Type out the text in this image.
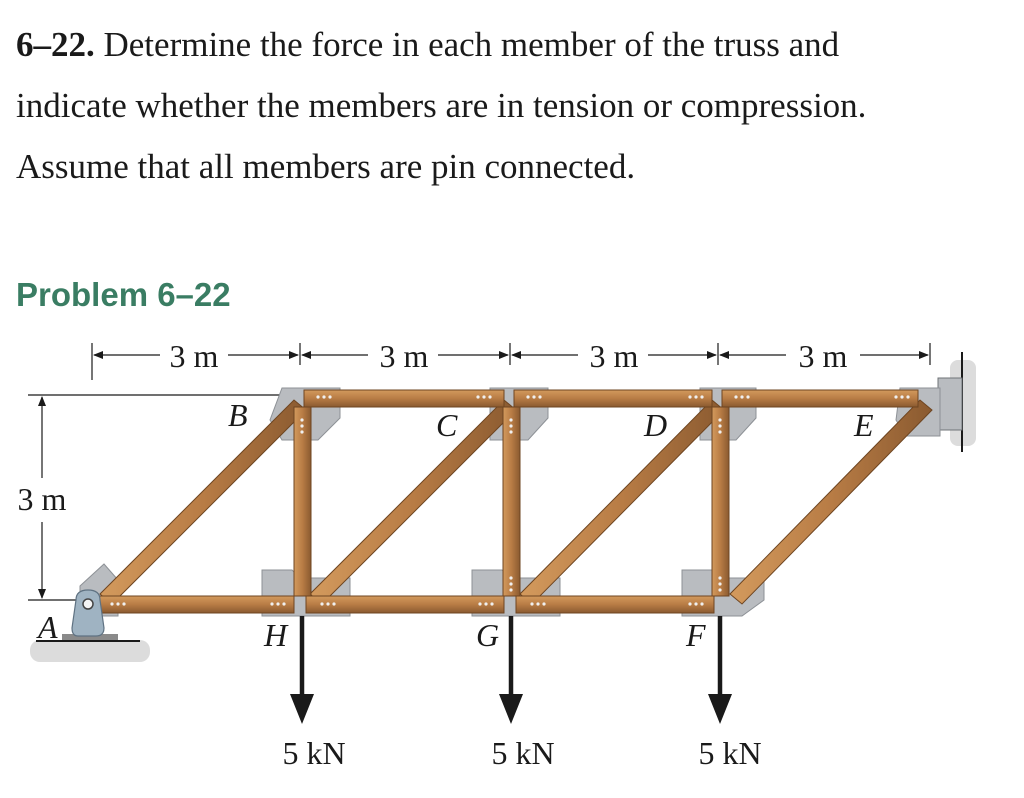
6–22. Determine the force in each member of the truss and
indicate whether the members are in tension or compression.
Assume that all members are pin connected.
Problem 6–22
3 m	3 m	3 m	3 m
3 m
5 kN	5 kN	5 kN
A
B	C	D	E
H	G	F
